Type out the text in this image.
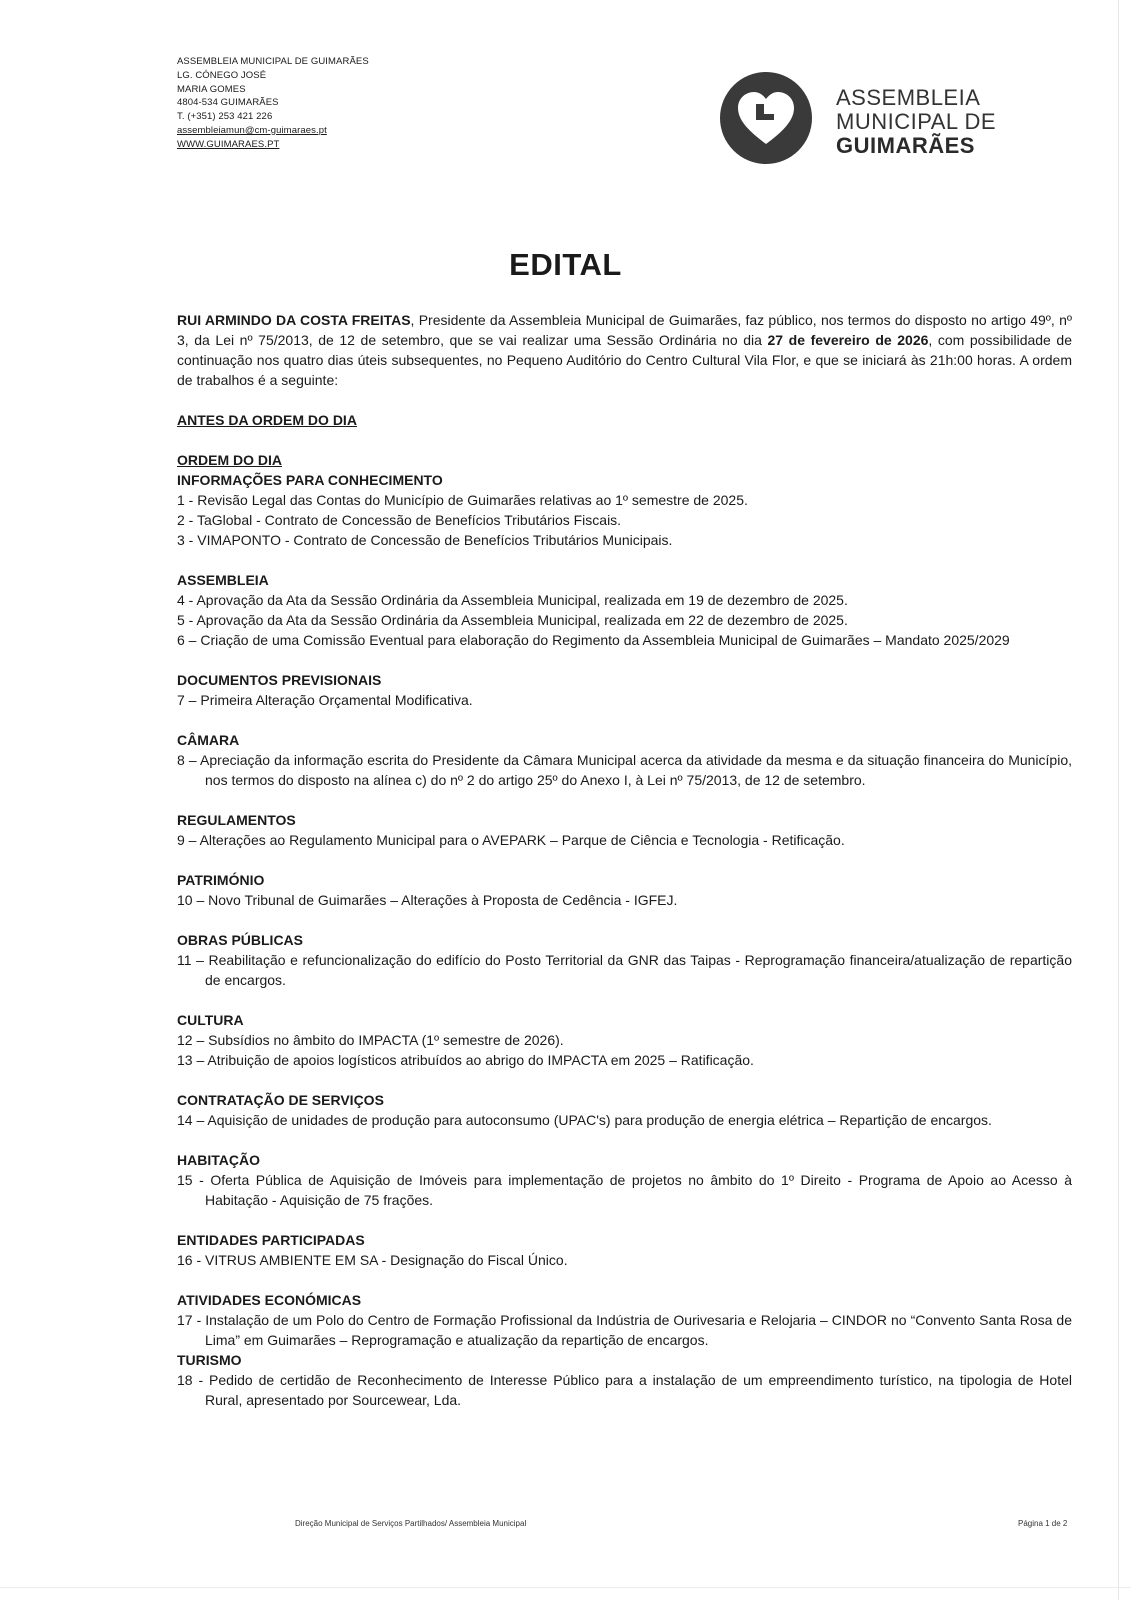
ASSEMBLEIA MUNICIPAL DE GUIMARÃES
LG. CÓNEGO JOSÉ
MARIA GOMES
4804-534 GUIMARÃES
T. (+351) 253 421 226
assembleiamun@cm-guimaraes.pt
WWW.GUIMARAES.PT
ASSEMBLEIA
MUNICIPAL DE
GUIMARÃES
EDITAL

RUI ARMINDO DA COSTA FREITAS, Presidente da Assembleia Municipal de Guimarães, faz público, nos termos do disposto no artigo 49º, nº 3, da Lei nº 75/2013, de 12 de setembro, que se vai realizar uma Sessão Ordinária no dia 27 de fevereiro de 2026, com possibilidade de continuação nos quatro dias úteis subsequentes, no Pequeno Auditório do Centro Cultural Vila Flor, e que se iniciará às 21h:00 horas. A ordem de trabalhos é a seguinte:

ANTES DA ORDEM DO DIA

ORDEM DO DIA

INFORMAÇÕES PARA CONHECIMENTO

1 - Revisão Legal das Contas do Município de Guimarães relativas ao 1º semestre de 2025.

2 - TaGlobal - Contrato de Concessão de Benefícios Tributários Fiscais.

3 - VIMAPONTO - Contrato de Concessão de Benefícios Tributários Municipais.

ASSEMBLEIA

4 - Aprovação da Ata da Sessão Ordinária da Assembleia Municipal, realizada em 19 de dezembro de 2025.

5 - Aprovação da Ata da Sessão Ordinária da Assembleia Municipal, realizada em 22 de dezembro de 2025.

6 – Criação de uma Comissão Eventual para elaboração do Regimento da Assembleia Municipal de Guimarães – Mandato 2025/2029

DOCUMENTOS PREVISIONAIS

7 – Primeira Alteração Orçamental Modificativa.

CÂMARA

8 – Apreciação da informação escrita do Presidente da Câmara Municipal acerca da atividade da mesma e da situação financeira do Município, nos termos do disposto na alínea c) do nº 2 do artigo 25º do Anexo I, à Lei nº 75/2013, de 12 de setembro.

REGULAMENTOS

9 – Alterações ao Regulamento Municipal para o AVEPARK – Parque de Ciência e Tecnologia - Retificação.

PATRIMÓNIO

10 – Novo Tribunal de Guimarães – Alterações à Proposta de Cedência - IGFEJ.

OBRAS PÚBLICAS

11 – Reabilitação e refuncionalização do edifício do Posto Territorial da GNR das Taipas - Reprogramação financeira/atualização de repartição de encargos.

CULTURA

12 – Subsídios no âmbito do IMPACTA (1º semestre de 2026).

13 – Atribuição de apoios logísticos atribuídos ao abrigo do IMPACTA em 2025 – Ratificação.

CONTRATAÇÃO DE SERVIÇOS

14 – Aquisição de unidades de produção para autoconsumo (UPAC's) para produção de energia elétrica – Repartição de encargos.

HABITAÇÃO

15 - Oferta Pública de Aquisição de Imóveis para implementação de projetos no âmbito do 1º Direito - Programa de Apoio ao Acesso à Habitação - Aquisição de 75 frações.

ENTIDADES PARTICIPADAS

16 - VITRUS AMBIENTE EM SA - Designação do Fiscal Único.

ATIVIDADES ECONÓMICAS

17 - Instalação de um Polo do Centro de Formação Profissional da Indústria de Ourivesaria e Relojaria – CINDOR no “Convento Santa Rosa de Lima” em Guimarães – Reprogramação e atualização da repartição de encargos.

TURISMO

18 - Pedido de certidão de Reconhecimento de Interesse Público para a instalação de um empreendimento turístico, na tipologia de Hotel Rural, apresentado por Sourcewear, Lda.

Direção Municipal de Serviços Partilhados/ Assembleia Municipal	Página 1 de 2
